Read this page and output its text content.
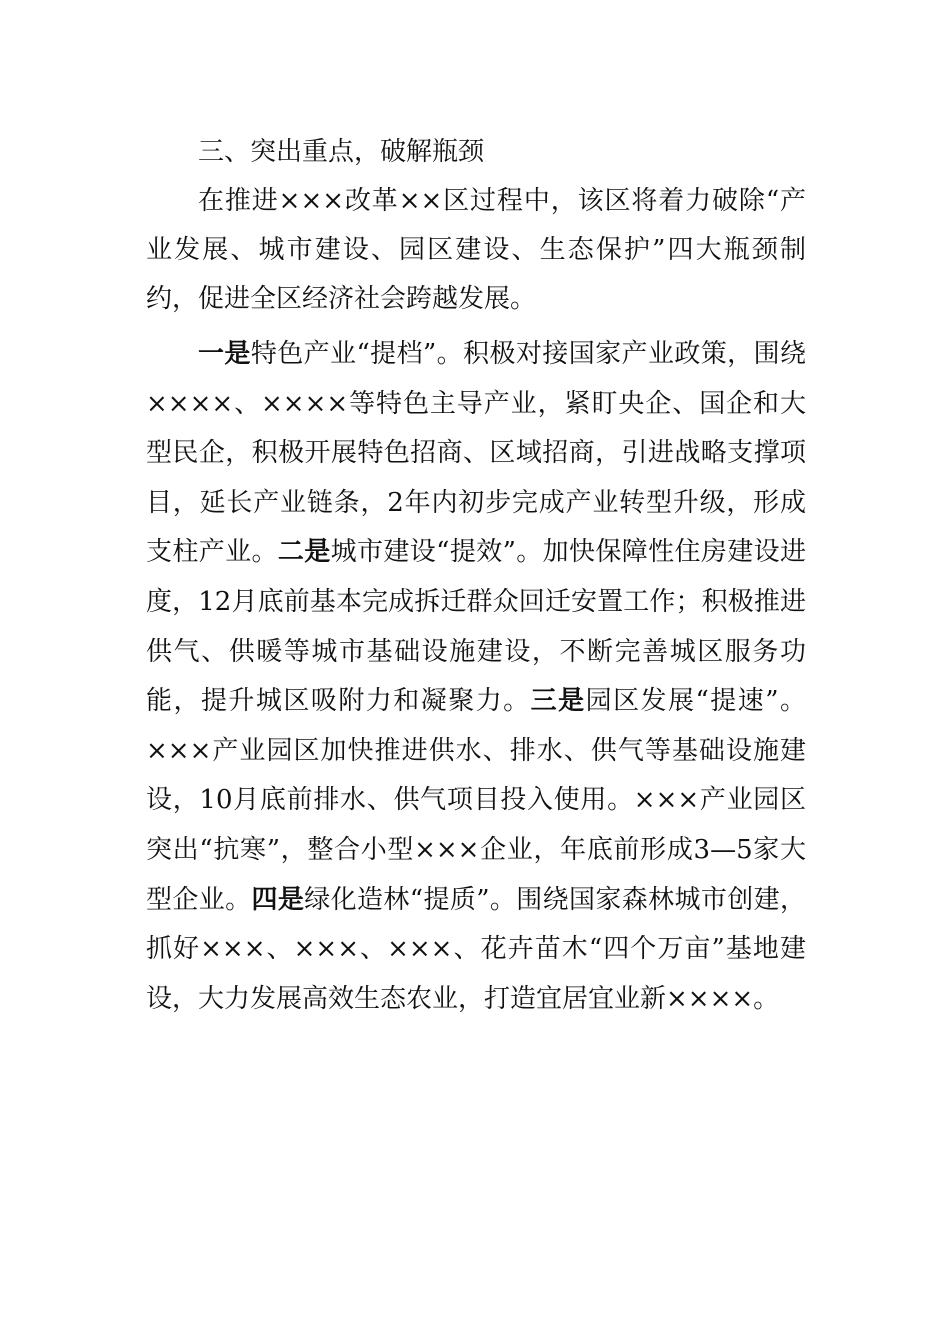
三、突出重点，破解瓶颈

在推进×××改革××区过程中，该区将着力破除“产业发展、城市建设、园区建设、生态保护”四大瓶颈制约，促进全区经济社会跨越发展。

一是特色产业“提档”。积极对接国家产业政策，围绕××××、××××等特色主导产业，紧盯央企、国企和大型民企，积极开展特色招商、区域招商，引进战略支撑项目，延长产业链条，2年内初步完成产业转型升级，形成支柱产业。二是城市建设“提效”。加快保障性住房建设进度，12月底前基本完成拆迁群众回迁安置工作；积极推进供气、供暖等城市基础设施建设，不断完善城区服务功能，提升城区吸附力和凝聚力。三是园区发展“提速”。×××产业园区加快推进供水、排水、供气等基础设施建设，10月底前排水、供气项目投入使用。×××产业园区突出“抗寒”，整合小型×××企业，年底前形成3—5家大型企业。四是绿化造林“提质”。围绕国家森林城市创建，抓好×××、×××、×××、花卉苗木“四个万亩”基地建设，大力发展高效生态农业，打造宜居宜业新××××。
